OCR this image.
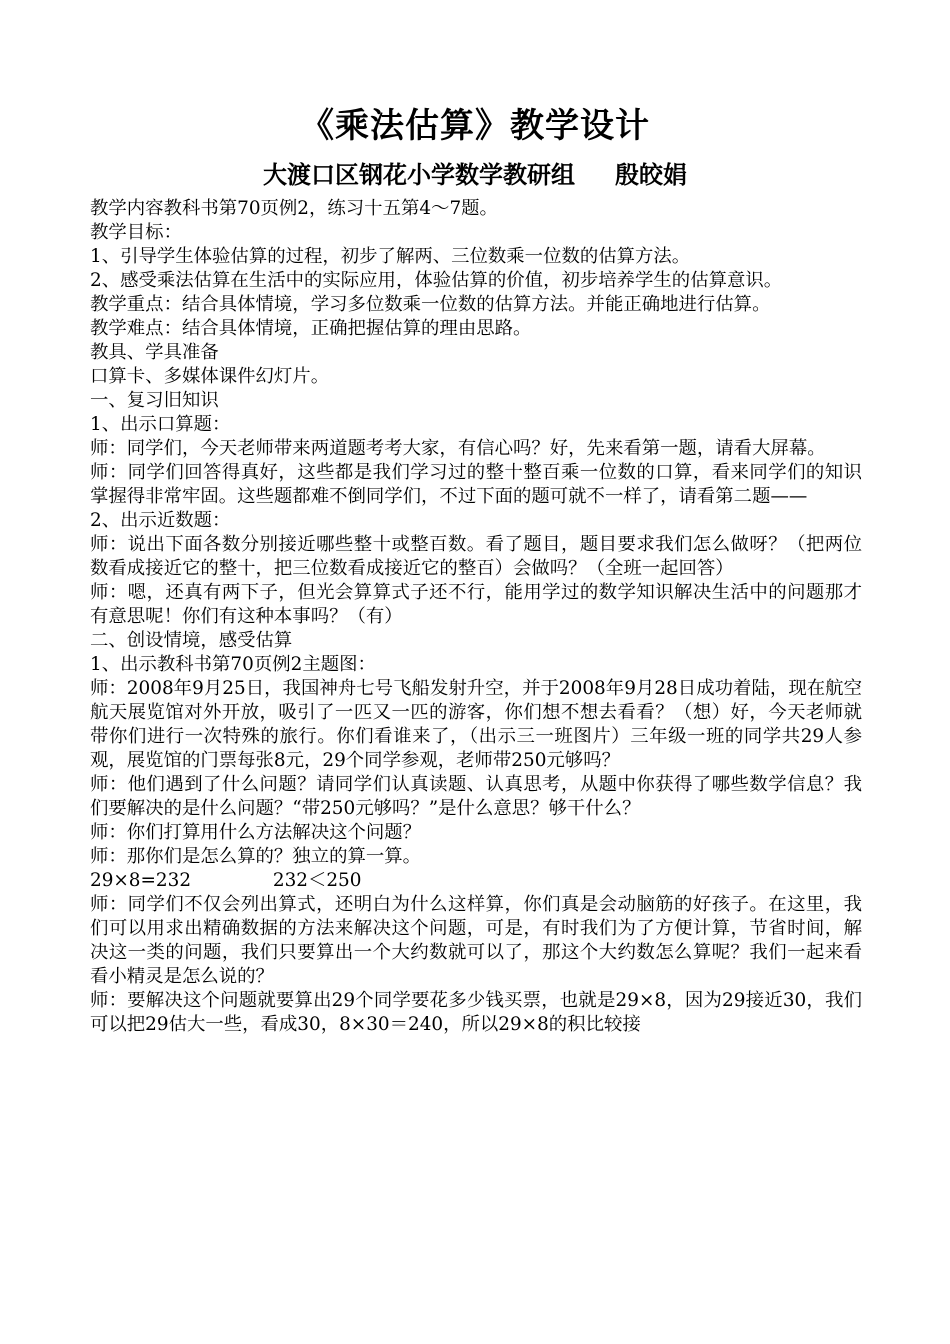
《乘法估算》教学设计
大渡口区钢花小学数学教研组 殷皎娟

教学内容教科书第70页例2，练习十五第4～7题。

教学目标：

1、引导学生体验估算的过程，初步了解两、三位数乘一位数的估算方法。

2、感受乘法估算在生活中的实际应用，体验估算的价值，初步培养学生的估算意识。

教学重点：结合具体情境，学习多位数乘一位数的估算方法。并能正确地进行估算。

教学难点：结合具体情境，正确把握估算的理由思路。

教具、学具准备

口算卡、多媒体课件幻灯片。

一、复习旧知识

1、出示口算题：

师：同学们，今天老师带来两道题考考大家，有信心吗？好，先来看第一题，请看大屏幕。

师：同学们回答得真好，这些都是我们学习过的整十整百乘一位数的口算，看来同学们的知识掌握得非常牢固。这些题都难不倒同学们，不过下面的题可就不一样了，请看第二题——

2、出示近数题：

师：说出下面各数分别接近哪些整十或整百数。看了题目，题目要求我们怎么做呀？（把两位数看成接近它的整十，把三位数看成接近它的整百）会做吗？（全班一起回答）

师：嗯，还真有两下子，但光会算算式子还不行，能用学过的数学知识解决生活中的问题那才有意思呢！你们有这种本事吗？（有）

二、创设情境，感受估算

1、出示教科书第70页例2主题图：

师：2008年9月25日，我国神舟七号飞船发射升空，并于2008年9月28日成功着陆，现在航空航天展览馆对外开放，吸引了一匹又一匹的游客，你们想不想去看看？（想）好，今天老师就带你们进行一次特殊的旅行。你们看谁来了，（出示三一班图片）三年级一班的同学共29人参观，展览馆的门票每张8元，29个同学参观，老师带250元够吗？

师：他们遇到了什么问题？请同学们认真读题、认真思考，从题中你获得了哪些数学信息？我们要解决的是什么问题？“带250元够吗？”是什么意思？够干什么？

师：你们打算用什么方法解决这个问题？

师：那你们是怎么算的？独立的算一算。

29×8=232              232＜250

师：同学们不仅会列出算式，还明白为什么这样算，你们真是会动脑筋的好孩子。在这里，我们可以用求出精确数据的方法来解决这个问题，可是，有时我们为了方便计算，节省时间，解决这一类的问题，我们只要算出一个大约数就可以了，那这个大约数怎么算呢？我们一起来看看小精灵是怎么说的？

师：要解决这个问题就要算出29个同学要花多少钱买票，也就是29×8，因为29接近30，我们可以把29估大一些，看成30，8×30＝240，所以29×8的积比较接
